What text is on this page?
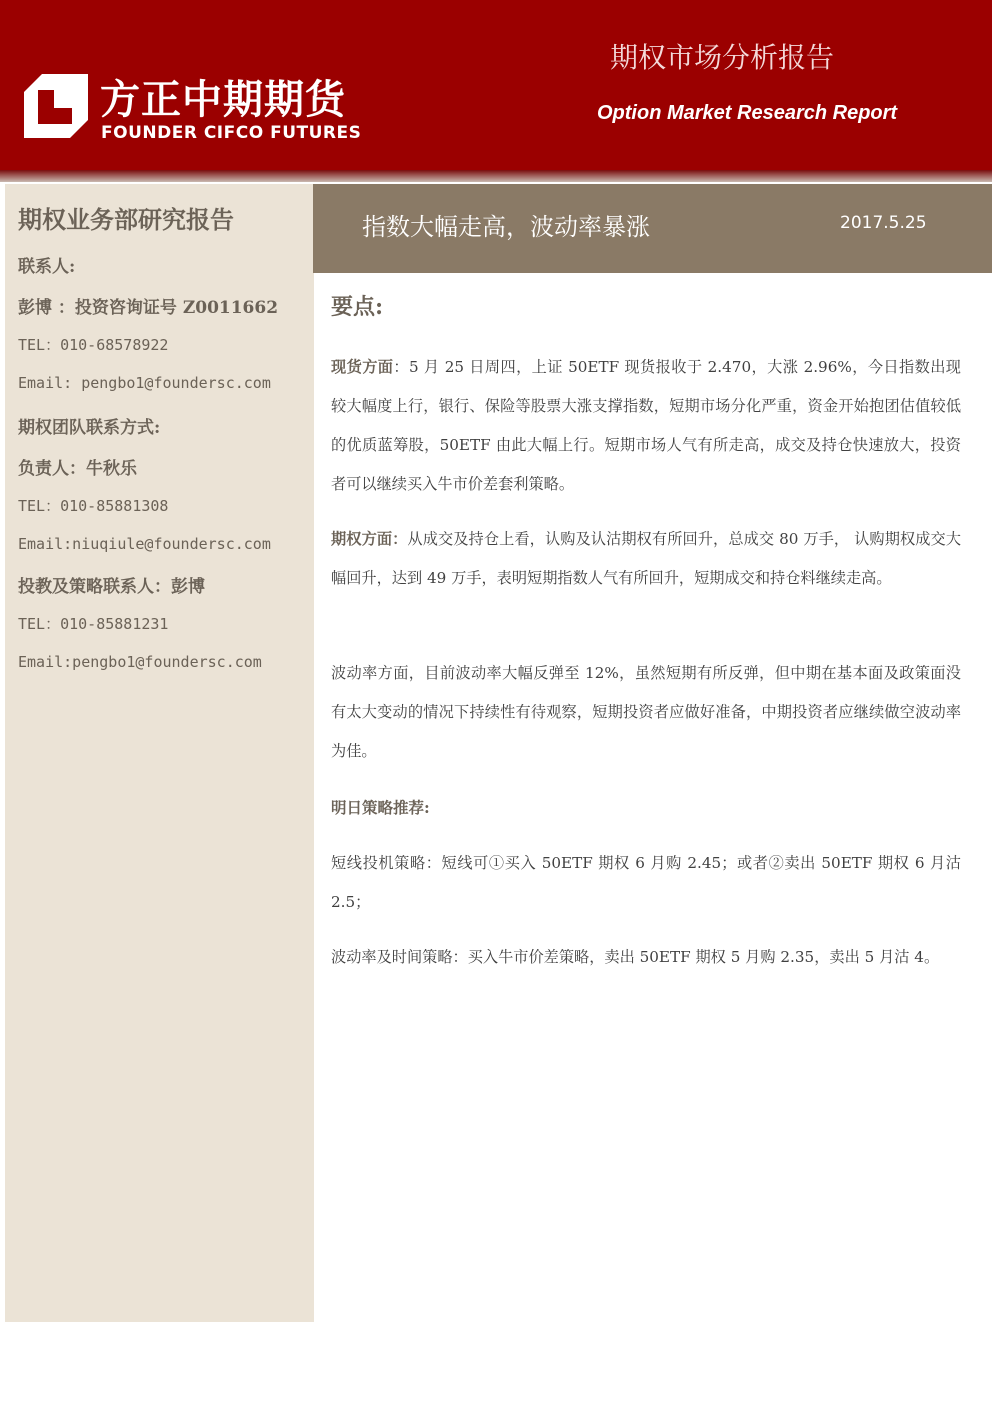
方正中期期货
FOUNDER CIFCO FUTURES
期权市场分析报告
Option Market Research Report
期权业务部研究报告
联系人:
彭博 ：投资咨询证号 Z0011662
TEL：010-68578922
Email: pengbo1@foundersc.com
期权团队联系方式:
负责人：牛秋乐
TEL：010-85881308
Email:niuqiule@foundersc.com
投教及策略联系人：彭博
TEL：010-85881231
Email:pengbo1@foundersc.com
指数大幅走高，波动率暴涨	2017.5.25
要点:
现货方面：5 月 25 日周四，上证 50ETF 现货报收于 2.470，大涨 2.96%，今日指数出现较大幅度上行，银行、保险等股票大涨支撑指数，短期市场分化严重，资金开始抱团估值较低的优质蓝筹股，50ETF 由此大幅上行。短期市场人气有所走高，成交及持仓快速放大，投资者可以继续买入牛市价差套利策略。
期权方面：从成交及持仓上看，认购及认沽期权有所回升，总成交 80 万手， 认购期权成交大幅回升，达到 49 万手，表明短期指数人气有所回升，短期成交和持仓料继续走高。
波动率方面，目前波动率大幅反弹至 12%，虽然短期有所反弹，但中期在基本面及政策面没有太大变动的情况下持续性有待观察，短期投资者应做好准备，中期投资者应继续做空波动率为佳。
明日策略推荐:
短线投机策略：短线可①买入 50ETF 期权 6 月购 2.45；或者②卖出 50ETF 期权 6 月沽 2.5；
波动率及时间策略：买入牛市价差策略，卖出 50ETF 期权 5 月购 2.35，卖出 5 月沽 4。
